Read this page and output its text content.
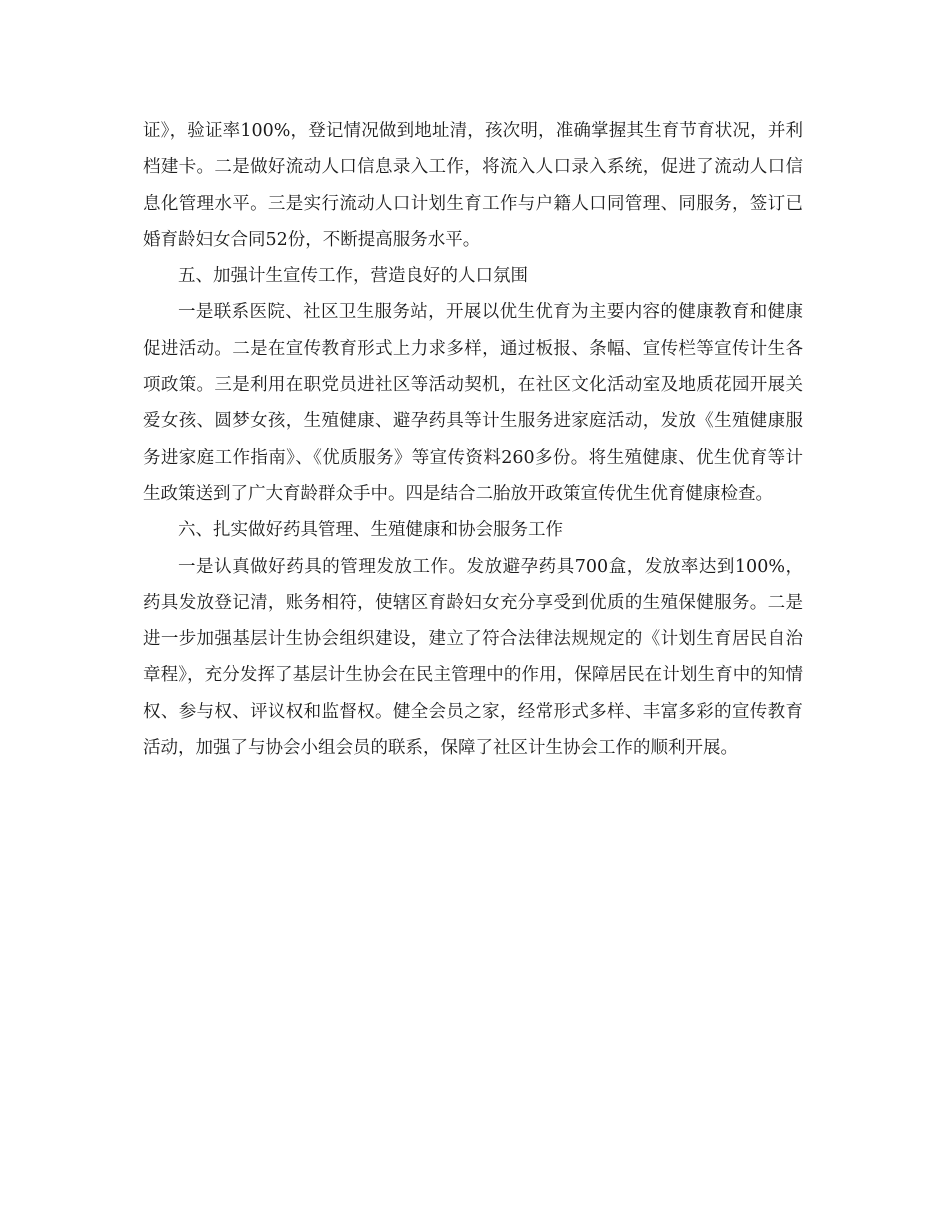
证》，验证率100%，登记情况做到地址清，孩次明，准确掌握其生育节育状况，并利档建卡。二是做好流动人口信息录入工作，将流入人口录入系统，促进了流动人口信息化管理水平。三是实行流动人口计划生育工作与户籍人口同管理、同服务，签订已婚育龄妇女合同52份，不断提高服务水平。

五、加强计生宣传工作，营造良好的人口氛围

一是联系医院、社区卫生服务站，开展以优生优育为主要内容的健康教育和健康促进活动。二是在宣传教育形式上力求多样，通过板报、条幅、宣传栏等宣传计生各项政策。三是利用在职党员进社区等活动契机，在社区文化活动室及地质花园开展关爱女孩、圆梦女孩，生殖健康、避孕药具等计生服务进家庭活动，发放《生殖健康服务进家庭工作指南》、《优质服务》等宣传资料260多份。将生殖健康、优生优育等计生政策送到了广大育龄群众手中。四是结合二胎放开政策宣传优生优育健康检查。

六、扎实做好药具管理、生殖健康和协会服务工作

一是认真做好药具的管理发放工作。发放避孕药具700盒，发放率达到100%，药具发放登记清，账务相符，使辖区育龄妇女充分享受到优质的生殖保健服务。二是进一步加强基层计生协会组织建设，建立了符合法律法规规定的《计划生育居民自治章程》，充分发挥了基层计生协会在民主管理中的作用，保障居民在计划生育中的知情权、参与权、评议权和监督权。健全会员之家，经常形式多样、丰富多彩的宣传教育活动，加强了与协会小组会员的联系，保障了社区计生协会工作的顺利开展。
